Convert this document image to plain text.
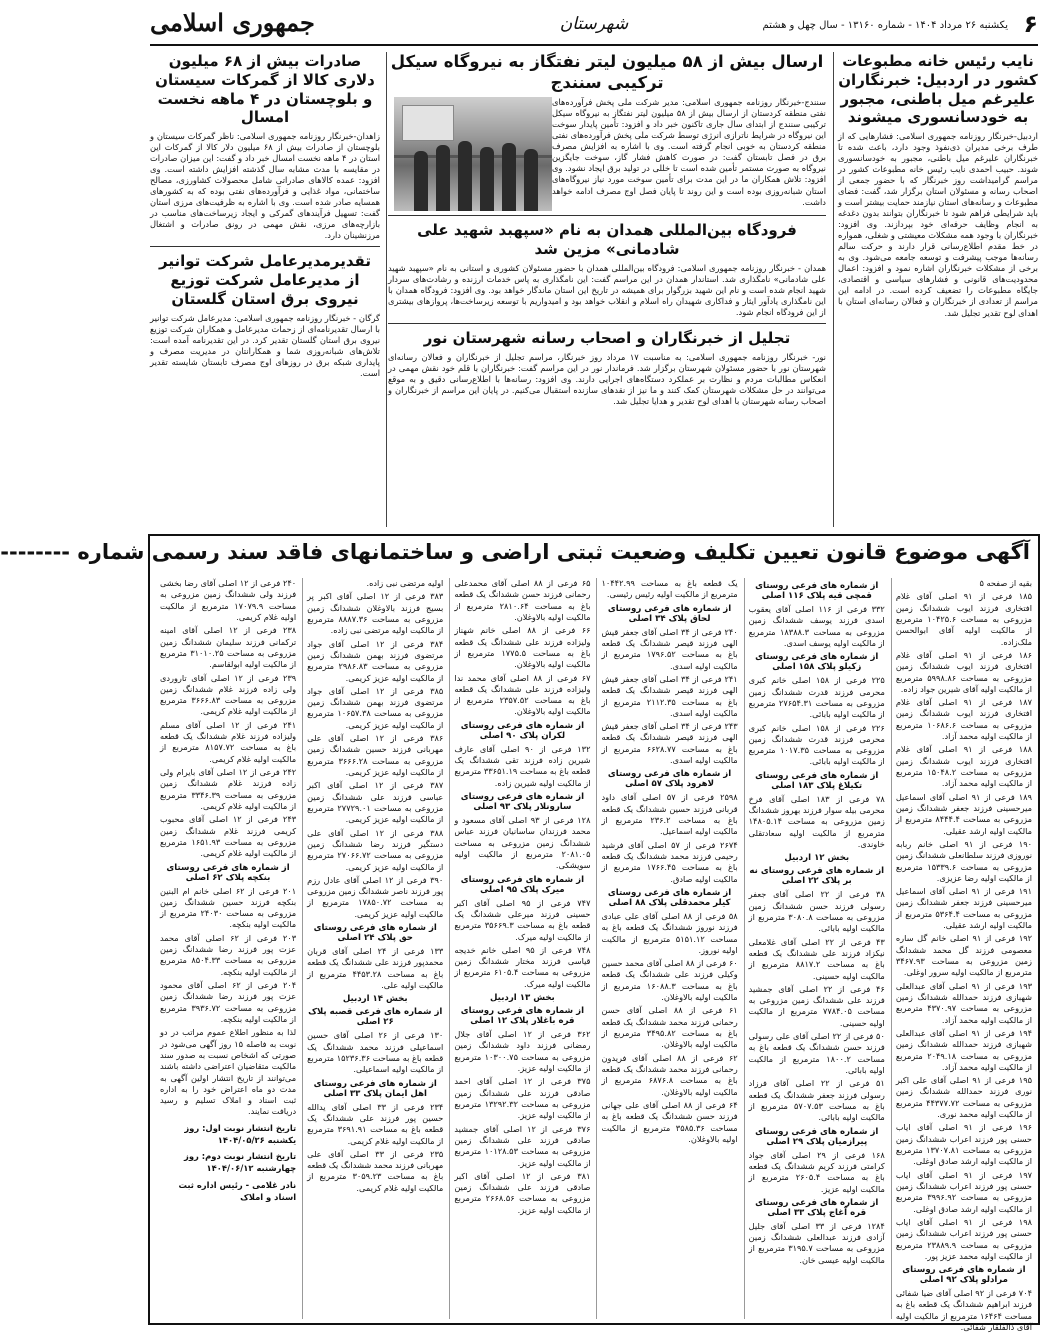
۶
یکشنبه ۲۶ مرداد ۱۴۰۴ - شماره ۱۳۱۶۰ - سال چهل و هشتم
شهرستان
جمهوری اسلامی
نایب رئیس خانه مطبوعات کشور در اردبیل: خبرنگاران علیرغم میل باطنی، مجبور به خودسانسوری میشوند

اردبیل-خبرنگار روزنامه جمهوری اسلامی: فشارهایی که از طرف برخی مدیران ذی‌نفوذ وجود دارد، باعث شده تا خبرنگاران علیرغم میل باطنی، مجبور به خودسانسوری شوند. حبیب احمدی نایب رئیس خانه مطبوعات کشور در مراسم گرامیداشت روز خبرنگار که با حضور جمعی از اصحاب رسانه و مسئولان استان برگزار شد، گفت: فضای مطبوعات و رسانه‌های استان نیازمند حمایت بیشتر است و باید شرایطی فراهم شود تا خبرنگاران بتوانند بدون دغدغه به انجام وظایف حرفه‌ای خود بپردازند. وی افزود: خبرنگاران با وجود همه مشکلات معیشتی و شغلی، همواره در خط مقدم اطلاع‌رسانی قرار دارند و حرکت سالم رسانه‌ها موجب پیشرفت و توسعه جامعه می‌شود. وی به برخی از مشکلات خبرنگاران اشاره نمود و افزود: اعمال محدودیت‌های قانونی و فشارهای سیاسی و اقتصادی، جایگاه مطبوعات را تضعیف کرده است. در ادامه این مراسم از تعدادی از خبرنگاران و فعالان رسانه‌ای استان با اهدای لوح تقدیر تجلیل شد.

ارسال بیش از ۵۸ میلیون لیتر نفتگاز به نیروگاه سیکل ترکیبی سنندج

سنندج-خبرنگار روزنامه جمهوری اسلامی: مدیر شرکت ملی پخش فرآورده‌های نفتی منطقه کردستان از ارسال بیش از ۵۸ میلیون لیتر نفتگاز به نیروگاه سیکل ترکیبی سنندج از ابتدای سال جاری تاکنون خبر داد و افزود: تأمین پایدار سوخت این نیروگاه در شرایط ناترازی انرژی توسط شرکت ملی پخش فرآورده‌های نفتی منطقه کردستان به خوبی انجام گرفته است. وی با اشاره به افزایش مصرف برق در فصل تابستان گفت: در صورت کاهش فشار گاز، سوخت جایگزین نیروگاه به صورت مستمر تأمین شده است تا خللی در تولید برق ایجاد نشود. وی افزود: تلاش همکاران ما در این مدت برای تأمین سوخت مورد نیاز نیروگاه‌های استان شبانه‌روزی بوده است و این روند تا پایان فصل اوج مصرف ادامه خواهد داشت.

فرودگاه بین‌المللی همدان به نام «سپهبد شهید علی شادمانی» مزین شد

همدان - خبرنگار روزنامه جمهوری اسلامی: فرودگاه بین‌المللی همدان با حضور مسئولان کشوری و استانی به نام «سپهبد شهید علی شادمانی» نامگذاری شد. استاندار همدان در این مراسم گفت: این نامگذاری به پاس خدمات ارزنده و رشادت‌های سردار شهید انجام شده است و نام این شهید بزرگوار برای همیشه در تاریخ این استان ماندگار خواهد بود. وی افزود: فرودگاه همدان با این نامگذاری یادآور ایثار و فداکاری شهیدان راه اسلام و انقلاب خواهد بود و امیدواریم با توسعه زیرساخت‌ها، پروازهای بیشتری از این فرودگاه انجام شود.

تجلیل از خبرنگاران و اصحاب رسانه شهرستان نور

نور- خبرنگار روزنامه جمهوری اسلامی: به مناسبت ۱۷ مرداد روز خبرنگار، مراسم تجلیل از خبرنگاران و فعالان رسانه‌ای شهرستان نور با حضور مسئولان شهرستان برگزار شد. فرماندار نور در این مراسم گفت: خبرنگاران با قلم خود نقش مهمی در انعکاس مطالبات مردم و نظارت بر عملکرد دستگاه‌های اجرایی دارند. وی افزود: رسانه‌ها با اطلاع‌رسانی دقیق و به موقع می‌توانند در حل مشکلات شهرستان کمک کنند و ما نیز از نقدهای سازنده استقبال می‌کنیم. در پایان این مراسم از خبرنگاران و اصحاب رسانه شهرستان با اهدای لوح تقدیر و هدایا تجلیل شد.

صادرات بیش از ۶۸ میلیون دلاری کالا از گمرکات سیستان و بلوچستان در ۴ ماهه نخست امسال

زاهدان-خبرنگار روزنامه جمهوری اسلامی: ناظر گمرکات سیستان و بلوچستان از صادرات بیش از ۶۸ میلیون دلار کالا از گمرکات این استان در ۴ ماهه نخست امسال خبر داد و گفت: این میزان صادرات در مقایسه با مدت مشابه سال گذشته افزایش داشته است. وی افزود: عمده کالاهای صادراتی شامل محصولات کشاورزی، مصالح ساختمانی، مواد غذایی و فرآورده‌های نفتی بوده که به کشورهای همسایه صادر شده است. وی با اشاره به ظرفیت‌های مرزی استان گفت: تسهیل فرآیندهای گمرکی و ایجاد زیرساخت‌های مناسب در بازارچه‌های مرزی، نقش مهمی در رونق صادرات و اشتغال مرزنشینان دارد.

تقدیرمدیرعامل شرکت توانیر از مدیرعامل شرکت توزیع نیروی برق استان گلستان

گرگان - خبرنگار روزنامه جمهوری اسلامی: مدیرعامل شرکت توانیر با ارسال تقدیرنامه‌ای از زحمات مدیرعامل و همکاران شرکت توزیع نیروی برق استان گلستان تقدیر کرد. در این تقدیرنامه آمده است: تلاش‌های شبانه‌روزی شما و همکارانتان در مدیریت مصرف و پایداری شبکه برق در روزهای اوج مصرف تابستان شایسته تقدیر است.

آگهی موضوع قانون تعیین تکلیف وضعیت ثبتی اراضی و ساختمانهای فاقد سند رسمی شماره --------
بقیه از صفحه ۵
۱۸۵ فرعی از ۹۱ اصلی آقای غلام افتخاری فرزند ایوب ششدانگ زمین مزروعی به مساحت ۱۰۴۲۵.۶ مترمربع از مالکیت اولیه آقای ابوالحسن ملک‌زاده.
۱۸۶ فرعی از ۹۱ اصلی آقای غلام افتخاری فرزند ایوب ششدانگ زمین مزروعی به مساحت ۵۹۹۸.۸۶ مترمربع از مالکیت اولیه آقای شیرین جواد زاده.
۱۸۷ فرعی از ۹۱ اصلی آقای غلام افتخاری فرزند ایوب ششدانگ زمین مزروعی به مساحت ۱۰۶۸۶.۶ مترمربع از مالکیت اولیه محمد آزاد.
۱۸۸ فرعی از ۹۱ اصلی آقای غلام افتخاری فرزند ایوب ششدانگ زمین مزروعی به مساحت ۱۵۰۴۸.۲ مترمربع از مالکیت اولیه محمد آزاد.
۱۸۹ فرعی از ۹۱ اصلی آقای اسماعیل میرحسینی فرزند جعفر ششدانگ زمین مزروعی به مساحت ۸۴۴۴.۴ مترمربع از مالکیت اولیه ارشد عقیلی.
۱۹۰ فرعی از ۹۱ اصلی خانم ربابه نوروزی فرزند سلطانعلی ششدانگ زمین مزروعی به مساحت ۱۵۳۳۹.۶ مترمربع از مالکیت اولیه رضا عزیزی.
۱۹۱ فرعی از ۹۱ اصلی آقای اسماعیل میرحسینی فرزند جعفر ششدانگ زمین مزروعی به مساحت ۵۳۶۴.۴ مترمربع از مالکیت اولیه ارشد عقیلی.
۱۹۲ فرعی از ۹۱ اصلی خانم گل ساره معصومی فرزند گل محمد ششدانگ زمین مزروعی به مساحت ۳۴۶۷.۹۳ مترمربع از مالکیت اولیه سرور اوغلی.
۱۹۳ فرعی از ۹۱ اصلی آقای عبدالعلی شهبازی فرزند حمدالله ششدانگ زمین مزروعی به مساحت ۴۳۷۰.۹۷ مترمربع از مالکیت اولیه محمد آزاد.
۱۹۴ فرعی از ۹۱ اصلی آقای عبدالعلی شهبازی فرزند حمدالله ششدانگ زمین مزروعی به مساحت ۲۰۴۹.۱۸ مترمربع از مالکیت اولیه محمد آزاد.
۱۹۵ فرعی از ۹۱ اصلی آقای علی اکبر نوری فرزند حمدالله ششدانگ زمین مزروعی به مساحت ۴۴۳۷۷.۷۲ مترمربع از مالکیت اولیه محمد نوری.
۱۹۶ فرعی از ۹۱ اصلی آقای ایاب حسنی پور فرزند اعراب ششدانگ زمین مزروعی به مساحت ۱۳۷۰۷.۸۱ مترمربع از مالکیت اولیه ارشد صادق اوغلی.
۱۹۷ فرعی از ۹۱ اصلی آقای ایاب حسنی پور فرزند اعراب ششدانگ زمین مزروعی به مساحت ۳۹۹۶.۹۲ مترمربع از مالکیت اولیه ارشد صادق اوغلی.
۱۹۸ فرعی از ۹۱ اصلی آقای ایاب حسنی پور فرزند اعراب ششدانگ زمین مزروعی به مساحت ۲۳۸۸۹.۹ مترمربع از مالکیت اولیه محمد عزیز پور.
از شماره های فرعی روستای مرادلو پلاک ۹۲ اصلی
۷۰۴ فرعی از ۹۲ اصلی آقای ضیا شفائی فرزند ابراهیم ششدانگ یک قطعه باغ به مساحت ۱۶۴۶۴ مترمربع از مالکیت اولیه آقای ذالفلقار شفائی.
از شماره های فرعی روستای قمچی قیه پلاک ۱۱۶ اصلی
۳۳۲ فرعی از ۱۱۶ اصلی آقای یعقوب اسدی فرزند یوسف ششدانگ زمین مزروعی به مساحت ۱۸۳۸۸.۳ مترمربع از مالکیت اولیه یوسف اسدی.
از شماره های فرعی روستای زکیلو پلاک ۱۵۸ اصلی
۲۲۵ فرعی از ۱۵۸ اصلی خانم کبری محرمی فرزند قدرت ششدانگ زمین مزروعی به مساحت ۲۷۶۵۴.۳۱ مترمربع از مالکیت اولیه بابائی.
۲۲۶ فرعی از ۱۵۸ اصلی خانم کبری محرمی فرزند قدرت ششدانگ زمین مزروعی به مساحت ۱۰۱۷.۳۵ مترمربع از مالکیت اولیه بابائی.
از شماره های فرعی روستای تکیلاغ پلاک ۱۸۳ اصلی
۷۸ فرعی از ۱۸۳ اصلی آقای فرخ محرمی بیله سوار فرزند بهروز ششدانگ زمین مزروعی به مساحت ۱۴۸۰۵.۱۴ مترمربع از مالکیت اولیه سعادتقلی خاوندی.
بخش ۱۲ اردبیل
از شماره های فرعی روستای نه بر پلاک ۲۲ اصلی
۳۸ فرعی از ۲۲ اصلی آقای جعفر رسولی فرزند حسن ششدانگ زمین مزروعی به مساحت ۳۰۸۰.۸ مترمربع از مالکیت اولیه بابائی.
۴۳ فرعی از ۲۲ اصلی آقای غلامعلی نیکزاد فرزند علی ششدانگ یک قطعه باغ به مساحت ۸۸۱۷.۲ مترمربع از مالکیت اولیه حسینی.
۴۶ فرعی از ۲۲ اصلی آقای جمشید فرزند علی ششدانگ زمین مزروعی به مساحت ۷۷۸۴.۰۵ مترمربع از مالکیت اولیه حسینی.
۵۰ فرعی از ۲۲ اصلی آقای علی رسولی فرزند حسن ششدانگ یک قطعه باغ به مساحت ۱۸۰۰.۲ مترمربع از مالکیت اولیه بابائی.
۵۱ فرعی از ۲۲ اصلی آقای فرزاد رسولی فرزند جعفر ششدانگ یک قطعه باغ به مساحت ۵۷۰۷.۵۳ مترمربع از مالکیت اولیه بابائی.
از شماره های فرعی روستای پیرازمیان پلاک ۲۹ اصلی
۱۶۸ فرعی از ۲۹ اصلی آقای جواد کرامتی فرزند کریم ششدانگ یک قطعه باغ به مساحت ۲۶۰۵.۴ مترمربع از مالکیت اولیه عزیز.
از شماره های فرعی روستای قره آغاج پلاک ۳۳ اصلی
۱۲۸۴ فرعی از ۳۳ اصلی آقای جلیل آزادی فرزند عبدالعلی ششدانگ زمین مزروعی به مساحت ۳۱۹۵.۷ مترمربع از مالکیت اولیه عیسی خان.
یک قطعه باغ به مساحت ۱۰۴۴۲.۹۹ مترمربع از مالکیت اولیه رئیس رئیسی.
از شماره های فرعی روستای لحاق پلاک ۳۴ اصلی
۲۴۰ فرعی از ۳۴ اصلی آقای جعفر قیش الهی فرزند قیصر ششدانگ یک قطعه باغ به مساحت ۱۷۹۶.۵۲ مترمربع از مالکیت اولیه اسدی.
۲۴۱ فرعی از ۳۴ اصلی آقای جعفر قیش الهی فرزند قیصر ششدانگ یک قطعه باغ به مساحت ۲۱۱۲.۳۵ مترمربع از مالکیت اولیه اسدی.
۲۴۳ فرعی از ۳۴ اصلی آقای جعفر قیش الهی فرزند قیصر ششدانگ یک قطعه باغ به مساحت ۶۶۲۸.۷۷ مترمربع از مالکیت اولیه اسدی.
از شماره های فرعی روستای لاهرود پلاک ۵۷ اصلی
۲۵۹۸ فرعی از ۵۷ اصلی آقای داود قربانی فرزند حسین ششدانگ یک قطعه باغ به مساحت ۲۳۶.۲ مترمربع از مالکیت اولیه اسماعیل.
۲۶۷۴ فرعی از ۵۷ اصلی آقای فرشید رحیمی فرزند محمد ششدانگ یک قطعه باغ به مساحت ۱۷۶۶.۴۵ مترمربع از مالکیت اولیه صادق.
از شماره های فرعی روستای کیلر محمدقلی پلاک ۸۸ اصلی
۵۸ فرعی از ۸۸ اصلی آقای علی عبادی فرزند نوروز ششدانگ یک قطعه باغ به مساحت ۵۱۵۱.۱۲ مترمربع از مالکیت اولیه نوروز.
۶۰ فرعی از ۸۸ اصلی آقای محمد حسین وکیلی فرزند علی ششدانگ یک قطعه باغ به مساحت ۱۶۰۸۸.۳ مترمربع از مالکیت اولیه بالاوغلان.
۶۱ فرعی از ۸۸ اصلی آقای حسن رحمانی فرزند محمد ششدانگ یک قطعه باغ به مساحت ۳۴۹۵.۸۲ مترمربع از مالکیت اولیه بالاوغلان.
۶۲ فرعی از ۸۸ اصلی آقای فریدون رحمانی فرزند محمد ششدانگ یک قطعه باغ به مساحت ۶۸۷۶.۸ مترمربع از مالکیت اولیه بالاوغلان.
۶۴ فرعی از ۸۸ اصلی آقای علی جهانی فرزند حسن ششدانگ یک قطعه باغ به مساحت ۳۵۸۵.۳۶ مترمربع از مالکیت اولیه بالاوغلان.
۶۵ فرعی از ۸۸ اصلی آقای محمدعلی رحمانی فرزند حسن ششدانگ یک قطعه باغ به مساحت ۲۸۱۰.۶۴ مترمربع از مالکیت اولیه بالاوغلان.
۶۶ فرعی از ۸۸ اصلی خانم شهناز ولیزاده فرزند علی ششدانگ یک قطعه باغ به مساحت ۱۷۷۵.۵ مترمربع از مالکیت اولیه بالاوغلان.
۶۷ فرعی از ۸۸ اصلی آقای محمد ندا ولیزاده فرزند علی ششدانگ یک قطعه باغ به مساحت ۲۳۵۷.۵۲ مترمربع از مالکیت اولیه بالاوغلان.
از شماره های فرعی روستای لکران پلاک ۹۰ اصلی
۱۳۲ فرعی از ۹۰ اصلی آقای عارف شیرین زاده فرزند تقی ششدانگ یک قطعه باغ به مساحت ۳۳۶۵۱.۱۹ مترمربع از مالکیت اولیه شیرین زاده.
از شماره های فرعی روستای سارونلار پلاک ۹۳ اصلی
۱۲۸ فرعی از ۹۳ اصلی آقای مسعود و محمد فرزندان ساسانیان فرزند عباس ششدانگ زمین مزروعی به مساحت ۲۰۸۱.۰۵ مترمربع از مالکیت اولیه سویشکی.
از شماره های فرعی روستای میرک پلاک ۹۵ اصلی
۷۴۷ فرعی از ۹۵ اصلی آقای اکبر حسینی فرزند میرعلی ششدانگ یک قطعه باغ به مساحت ۳۵۶۶۹.۳ مترمربع از مالکیت اولیه میرک.
۷۴۸ فرعی از ۹۵ اصلی خانم خدیجه قیاسی فرزند مختار ششدانگ زمین مزروعی به مساحت ۶۱۰۵.۴ مترمربع از مالکیت اولیه میرک.
بخش ۱۳ اردبیل
از شماره های فرعی روستای قره باغلار پلاک ۱۲ اصلی
۳۶۲ فرعی از ۱۲ اصلی آقای جلال رمضانی فرزند داود ششدانگ زمین مزروعی به مساحت ۱۰۳۰۰.۷۵ مترمربع از مالکیت اولیه عزیز.
۳۷۵ فرعی از ۱۲ اصلی آقای احمد صادقی فرزند علی ششدانگ زمین مزروعی به مساحت ۱۳۲۹۲.۳۲ مترمربع از مالکیت اولیه عزیز.
۳۷۶ فرعی از ۱۲ اصلی آقای جمشید صادقی فرزند علی ششدانگ زمین مزروعی به مساحت ۱۰۱۲۸.۵۳ مترمربع از مالکیت اولیه عزیز.
۳۸۱ فرعی از ۱۲ اصلی آقای اکبر صادقی فرزند علی ششدانگ زمین مزروعی به مساحت ۲۶۶۸.۵۶ مترمربع از مالکیت اولیه عزیز.
اولیه مرتضی نبی زاده.
۳۸۳ فرعی از ۱۲ اصلی آقای اکبر پر بسیج فرزند بالاوغلان ششدانگ زمین مزروعی به مساحت ۸۸۸۷.۳۶ مترمربع از مالکیت اولیه مرتضی نبی زاده.
۳۸۴ فرعی از ۱۲ اصلی آقای جواد مرتضوی فرزند بهمن ششدانگ زمین مزروعی به مساحت ۲۹۸۶.۸۳ مترمربع از مالکیت اولیه عزیز کریمی.
۳۸۵ فرعی از ۱۲ اصلی آقای جواد مرتضوی فرزند بهمن ششدانگ زمین مزروعی به مساحت ۱۰۶۵۷.۳۸ مترمربع از مالکیت اولیه عزیز کریمی.
۳۸۶ فرعی از ۱۲ اصلی آقای علی مهربانی فرزند حسین ششدانگ زمین مزروعی به مساحت ۳۶۶۶.۲۸ مترمربع از مالکیت اولیه عزیز کریمی.
۳۸۷ فرعی از ۱۲ اصلی آقای اکبر عباسی فرزند علی ششدانگ زمین مزروعی به مساحت ۲۷۷۲۹.۰۱ مترمربع از مالکیت اولیه عزیز کریمی.
۳۸۸ فرعی از ۱۲ اصلی آقای علی دستگیر فرزند رضا ششدانگ زمین مزروعی به مساحت ۲۷۰۶۶.۷۲ مترمربع از مالکیت اولیه عزیز کریمی.
۳۹۰ فرعی از ۱۲ اصلی آقای عادل رزم پور فرزند ناصر ششدانگ زمین مزروعی به مساحت ۱۷۸۵۰.۷۲ مترمربع از مالکیت اولیه عزیز کریمی.
از شماره های فرعی روستای حق پلاک ۲۴ اصلی
۱۳۳ فرعی از ۲۴ اصلی آقای قربان محمدپور فرزند علی ششدانگ یک قطعه باغ به مساحت ۴۴۵۳.۲۸ مترمربع از مالکیت اولیه علی.
بخش ۱۴ اردبیل
از شماره های فرعی قصبه پلاک ۲۶ اصلی
۱۳۰ فرعی از ۲۶ اصلی آقای حسین اسماعیلی فرزند محمد ششدانگ یک قطعه باغ به مساحت ۱۵۲۳۶.۳۶ مترمربع از مالکیت اولیه اسماعیلی.
از شماره های فرعی روستای اهل ایمان پلاک ۳۳ اصلی
۲۳۴ فرعی از ۳۳ اصلی آقای یدالله حسین پور فرزند علی ششدانگ یک قطعه باغ به مساحت ۳۶۹۱.۹۱ مترمربع از مالکیت اولیه غلام کریمی.
۲۳۵ فرعی از ۳۳ اصلی آقای علی مهربانی فرزند محمد ششدانگ یک قطعه باغ به مساحت ۳۰۵۹.۲۳ مترمربع از مالکیت اولیه غلام کریمی.
۲۴۰ فرعی از ۱۲ اصلی آقای رضا بخشی فرزند ولی ششدانگ زمین مزروعی به مساحت ۱۷۰۷۹.۹ مترمربع از مالکیت اولیه غلام کریمی.
۲۳۸ فرعی از ۱۲ اصلی آقای امینه ترکمانی فرزند سلیمان ششدانگ زمین مزروعی به مساحت ۳۱۰۱۰.۲۵ مترمربع از مالکیت اولیه ابولقاسم.
۲۳۹ فرعی از ۱۲ اصلی آقای تاروردی ولی زاده فرزند غلام ششدانگ زمین مزروعی به مساحت ۳۶۶۶.۸۳ مترمربع از مالکیت اولیه غلام کریمی.
۲۴۱ فرعی از ۱۲ اصلی آقای مسلم ولیزاده فرزند غلام ششدانگ یک قطعه باغ به مساحت ۸۱۵۷.۷۲ مترمربع از مالکیت اولیه غلام کریمی.
۲۴۲ فرعی از ۱۲ اصلی آقای بایرام ولی زاده فرزند غلام ششدانگ زمین مزروعی به مساحت ۳۳۴۶.۳۹ مترمربع از مالکیت اولیه غلام کریمی.
۲۴۳ فرعی از ۱۲ اصلی آقای محبوب کریمی فرزند غلام ششدانگ زمین مزروعی به مساحت ۱۶۵۱.۹۳ مترمربع از مالکیت اولیه غلام کریمی.
از شماره های فرعی روستای بنکچه پلاک ۶۲ اصلی
۲۰۱ فرعی از ۶۲ اصلی خانم ام البنین بنکچه فرزند حسین ششدانگ زمین مزروعی به مساحت ۲۴۰۳۰ مترمربع از مالکیت اولیه بنکچه.
۲۰۳ فرعی از ۶۲ اصلی آقای محمد عزت پور فرزند رضا ششدانگ زمین مزروعی به مساحت ۸۵۰۴.۳۳ مترمربع از مالکیت اولیه بنکچه.
۲۰۴ فرعی از ۶۲ اصلی آقای محمود عزت پور فرزند رضا ششدانگ زمین مزروعی به مساحت ۳۹۳۶.۷۲ مترمربع از مالکیت اولیه بنکچه.
لذا به منظور اطلاع عموم مراتب در دو نوبت به فاصله ۱۵ روز آگهی می‌شود در صورتی که اشخاص نسبت به صدور سند مالکیت متقاضیان اعتراضی داشته باشند می‌توانند از تاریخ انتشار اولین آگهی به مدت دو ماه اعتراض خود را به اداره ثبت اسناد و املاک تسلیم و رسید دریافت نمایند.
تاریخ انتشار نوبت اول: روز یکشنبه ۱۴۰۴/۰۵/۲۶
تاریخ انتشار نوبت دوم: روز چهارشنبه ۱۴۰۴/۰۶/۱۲
نادر غلامی - رئیس اداره ثبت اسناد و املاک
